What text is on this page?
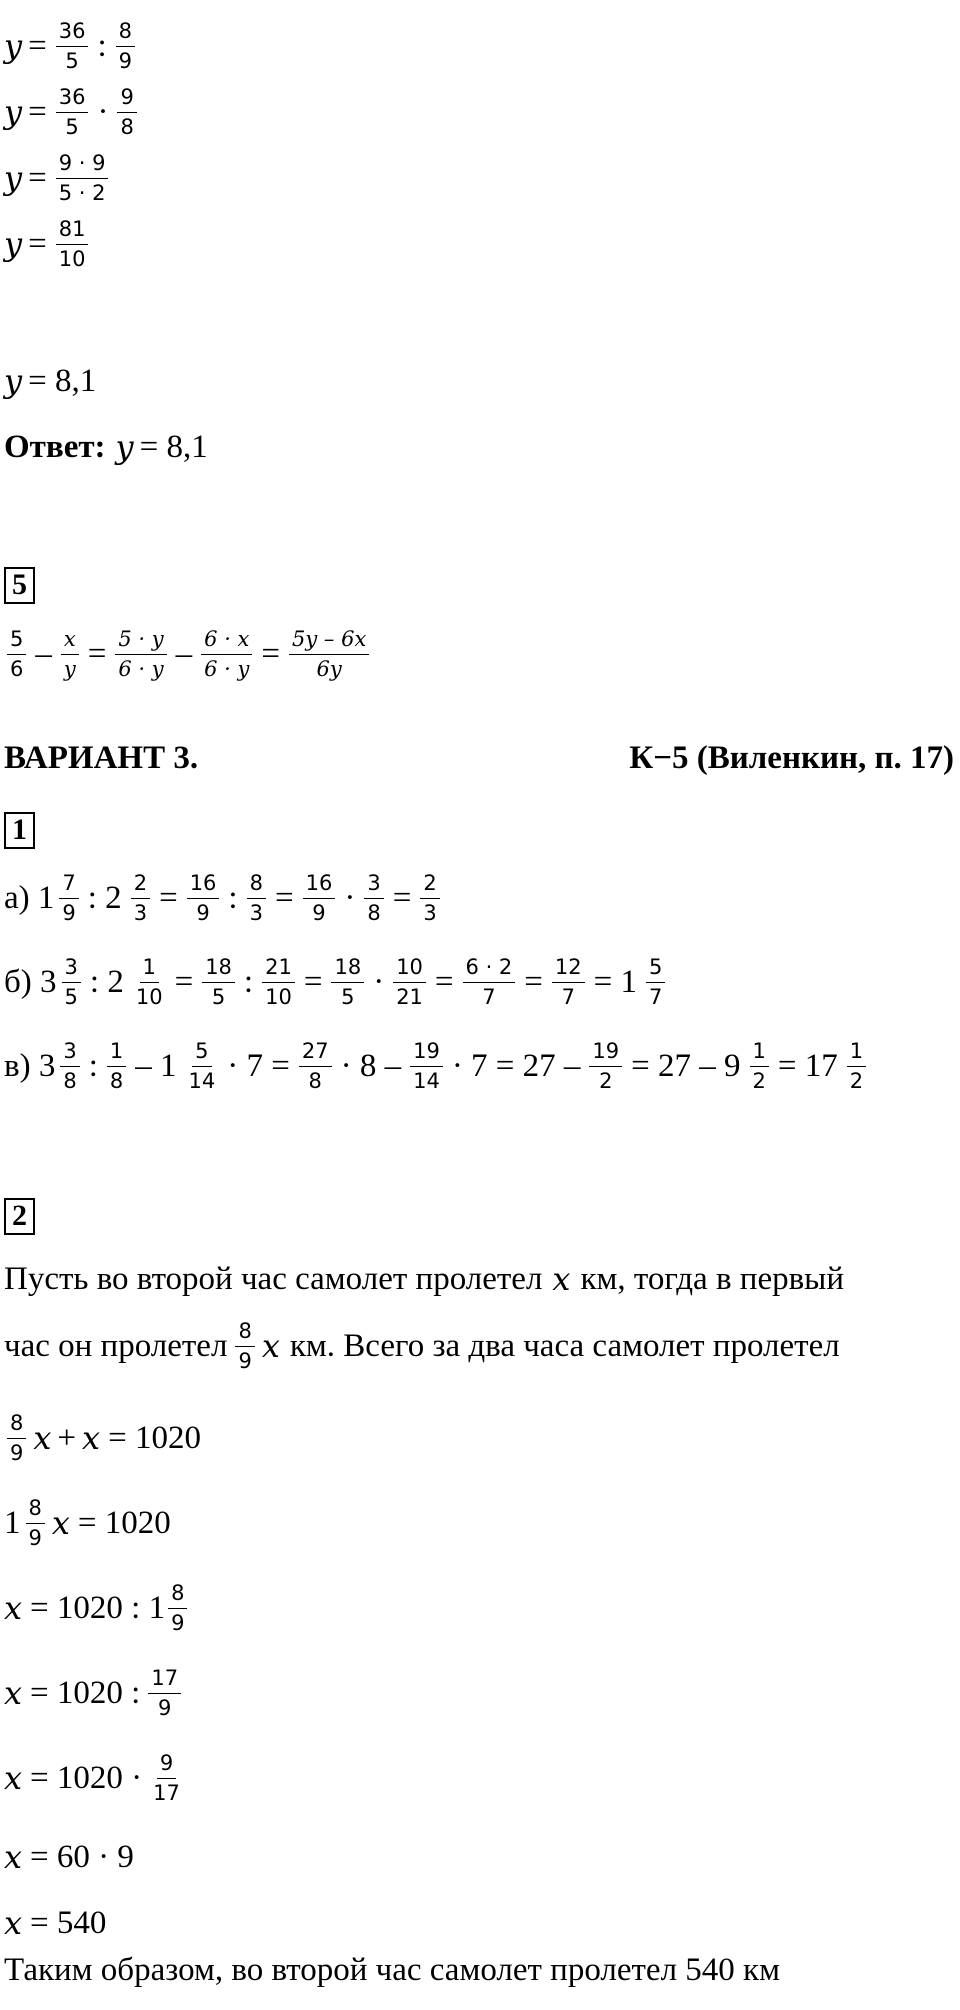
$y = \frac{36}{5}$ : $\frac{8}{9}$
$y = \frac{36}{5} \cdot \frac{9}{8}$
$y = \frac{9 \cdot 9}{5 \cdot 2}$
$y = \frac{81}{10}$
y = 8,1
Ответ: y = 8,1
5
$\frac{5}{6} - \frac{x}{y} = \frac{5 \cdot y}{6 \cdot y} - \frac{6 \cdot x}{6 \cdot y} = \frac{5y - 6x}{6y}$
ВАРИАНТ 3.	К−5 (Виленкин, п. 17)
1
а) $1 \frac{7}{9}$ : $2 \frac{2}{3} = \frac{16}{9}$ : $\frac{8}{3} = \frac{16}{9} \cdot \frac{3}{8} = \frac{2}{3}$
б) $3 \frac{3}{5}$ : $2 \frac{1}{10} = \frac{18}{5}$ : $\frac{21}{10} = \frac{18}{5} \cdot \frac{10}{21} = \frac{6 \cdot 2}{7} = \frac{12}{7} = 1 \frac{5}{7}$
в) $3 \frac{3}{8}$ : $\frac{1}{8} - 1 \frac{5}{14} \cdot 7 = \frac{27}{8} \cdot 8 - \frac{19}{14} \cdot 7 = 27 - \frac{19}{2} = 27 - 9 \frac{1}{2} = 17 \frac{1}{2}$
2
Пусть во второй час самолет пролетел x км, тогда в первый
час он пролетел $\frac{8}{9}$ x км. Всего за два часа самолет пролетел
$\frac{8}{9}$ x + x = 1020
$1 \frac{8}{9}$ x = 1020
x = 1020 : $1 \frac{8}{9}$
x = 1020 : $\frac{17}{9}$
$x = 1020 \cdot \frac{9}{17}$
x = 60 · 9
x = 540
Таким образом, во второй час самолет пролетел 540 км
